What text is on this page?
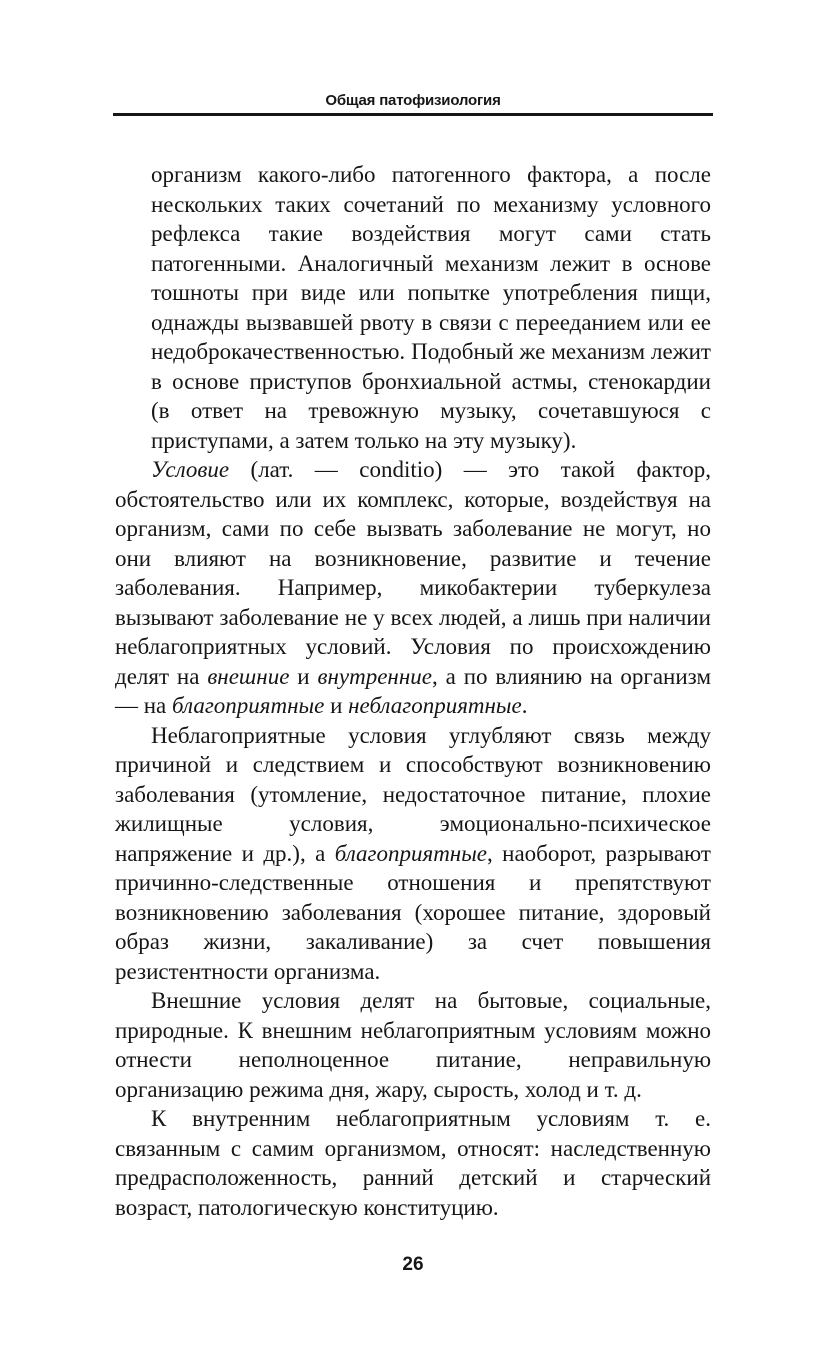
Общая патофизиология

организм какого-либо патогенного фактора, а после нескольких таких сочетаний по механизму условного рефлекса такие воздействия могут сами стать патогенными. Аналогичный механизм лежит в основе тошноты при виде или попытке употребления пищи, однажды вызвавшей рвоту в связи с перееданием или ее недоброкачественностью. Подобный же механизм лежит в основе приступов бронхиальной астмы, стенокардии (в ответ на тревожную музыку, сочетавшуюся с приступами, а затем только на эту музыку).

Условие (лат. — conditio) — это такой фактор, обстоятельство или их комплекс, которые, воздействуя на организм, сами по себе вызвать заболевание не могут, но они влияют на возникновение, развитие и течение заболевания. Например, микобактерии туберкулеза вызывают заболевание не у всех людей, а лишь при наличии неблагоприятных условий. Условия по происхождению делят на внешние и внутренние, а по влиянию на организм — на благоприятные и неблагоприятные.

Неблагоприятные условия углубляют связь между причиной и следствием и способствуют возникновению заболевания (утомление, недостаточное питание, плохие жилищные условия, эмоционально-психическое напряжение и др.), а благоприятные, наоборот, разрывают причинно-следственные отношения и препятствуют возникновению заболевания (хорошее питание, здоровый образ жизни, закаливание) за счет повышения резистентности организма.

Внешние условия делят на бытовые, социальные, природные. К внешним неблагоприятным условиям можно отнести неполноценное питание, неправильную организацию режима дня, жару, сырость, холод и т. д.

К внутренним неблагоприятным условиям т. е. связанным с самим организмом, относят: наследственную предрасположенность, ранний детский и старческий возраст, патологическую конституцию.

26
